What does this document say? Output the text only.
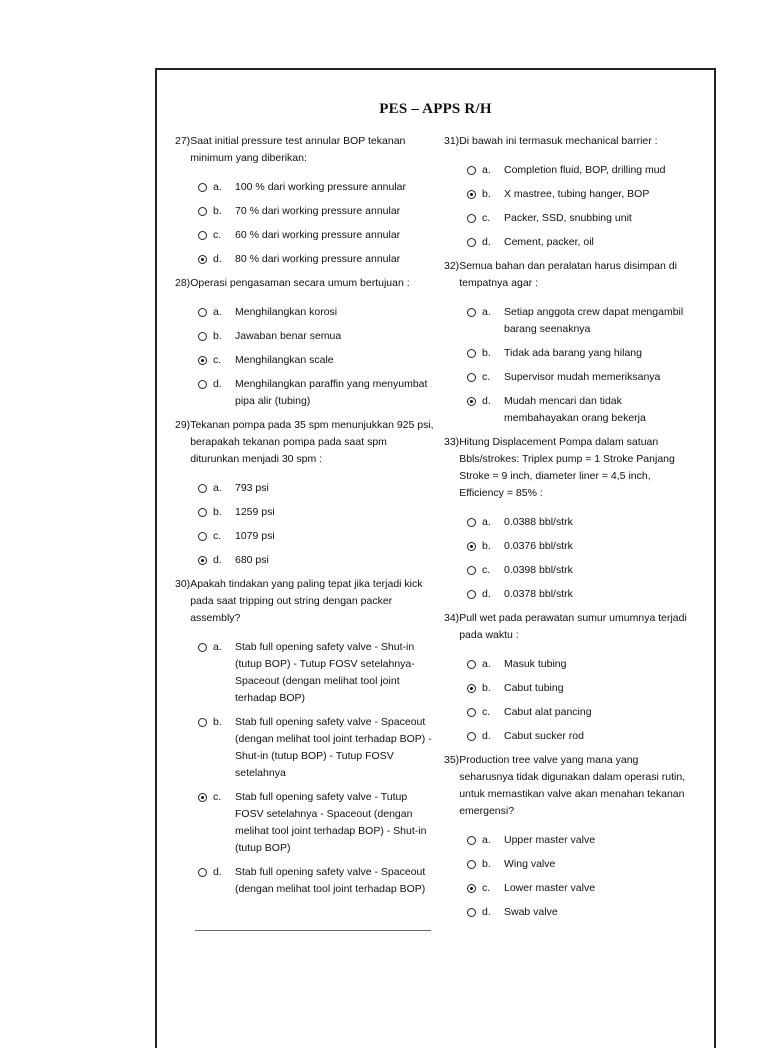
PES – APPS R/H
27) Saat initial pressure test annular BOP tekanan minimum yang diberikan:
a.	100 % dari working pressure annular
b.	70 % dari working pressure annular
c.	60 % dari working pressure annular
d.	80 % dari working pressure annular
28) Operasi pengasaman secara umum bertujuan :
a.	Menghilangkan korosi
b.	Jawaban benar semua
c.	Menghilangkan scale
d.	Menghilangkan paraffin yang menyumbat pipa alir (tubing)
29) Tekanan pompa pada 35 spm menunjukkan 925 psi, berapakah tekanan pompa pada saat spm diturunkan menjadi 30 spm :
a.	793 psi
b.	1259 psi
c.	1079 psi
d.	680 psi
30) Apakah tindakan yang paling tepat jika terjadi kick pada saat tripping out string dengan packer assembly?
a.	Stab full opening safety valve - Shut-in (tutup BOP) - Tutup FOSV setelahnya- Spaceout (dengan melihat tool joint terhadap BOP)
b.	Stab full opening safety valve - Spaceout (dengan melihat tool joint terhadap BOP) - Shut-in (tutup BOP) - Tutup FOSV setelahnya
c.	Stab full opening safety valve - Tutup FOSV setelahnya - Spaceout (dengan melihat tool joint terhadap BOP) - Shut-in (tutup BOP)
d.	Stab full opening safety valve - Spaceout (dengan melihat tool joint terhadap BOP)
31) Di bawah ini termasuk mechanical barrier :
a.	Completion fluid, BOP, drilling mud
b.	X mastree, tubing hanger, BOP
c.	Packer, SSD, snubbing unit
d.	Cement, packer, oil
32) Semua bahan dan peralatan harus disimpan di tempatnya agar :
a.	Setiap anggota crew dapat mengambil barang seenaknya
b.	Tidak ada barang yang hilang
c.	Supervisor mudah memeriksanya
d.	Mudah mencari dan tidak membahayakan orang bekerja
33) Hitung Displacement Pompa dalam satuan Bbls/strokes: Triplex pump = 1 Stroke Panjang Stroke = 9 inch, diameter liner = 4,5 inch, Efficiency = 85% :
a.	0.0388 bbl/strk
b.	0.0376 bbl/strk
c.	0.0398 bbl/strk
d.	0.0378 bbl/strk
34) Pull wet pada perawatan sumur umumnya terjadi pada waktu :
a.	Masuk tubing
b.	Cabut tubing
c.	Cabut alat pancing
d.	Cabut sucker rod
35) Production tree valve yang mana yang seharusnya tidak digunakan dalam operasi rutin, untuk memastikan valve akan menahan tekanan emergensi?
a.	Upper master valve
b.	Wing valve
c.	Lower master valve
d.	Swab valve
